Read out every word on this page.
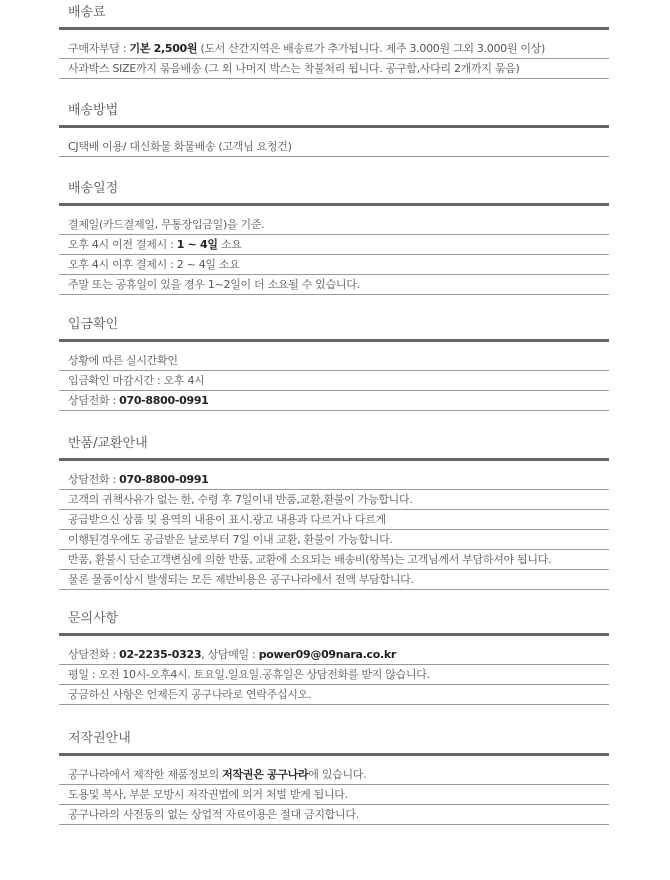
배송료
구매자부담 : 기본 2,500원 (도서 산간지역은 배송료가 추가됩니다. 제주 3.000원 그외 3.000원 이상)
사과박스 SIZE까지 묶음배송 (그 외 나머지 박스는 착불처리 됩니다. 공구함,사다리 2개까지 묶음)
배송방법
CJ택배 이용/ 대신화물 화물배송 (고객님 요청건)
배송일정
결제일(카드결제일, 무통장입금일)을 기준.
오후 4시 이전 결제시 : 1 ~ 4일 소요
오후 4시 이후 결제시 : 2 ~ 4일 소요
주말 또는 공휴일이 있을 경우 1~2일이 더 소요될 수 있습니다.
입금확인
상황에 따른 실시간확인
입금확인 마감시간 : 오후 4시
상담전화 : 070-8800-0991
반품/교환안내
상담전화 : 070-8800-0991
고객의 귀책사유가 없는 한, 수령 후 7일이내 반품,교환,환불이 가능합니다.
공급받으신 상품 및 용역의 내용이 표시.광고 내용과 다르거나 다르게
이행된경우에도 공급받은 날로부터 7일 이내 교환, 환불이 가능합니다.
반품, 환불시 단순고객변심에 의한 반품, 교환에 소요되는 배송비(왕복)는 고객님께서 부담하셔야 됩니다.
물론 물품이상시 발생되는 모든 제반비용은 공구나라에서 전액 부담합니다.
문의사항
상담전화 : 02-2235-0323, 상담메일 : power09@09nara.co.kr
평일 : 오전 10시-오후4시. 토요일.일요일.공휴일은 상담전화를 받지 않습니다.
궁금하신 사항은 언제든지 공구나라로 연락주십시오.
저작권안내
공구나라에서 제작한 제품정보의 저작권은 공구나라에 있습니다.
도용및 복사, 부분 모방시 저작권법에 의거 처벌 받게 됩니다.
공구나라의 사전동의 없는 상업적 자료이용은 절대 금지합니다.
